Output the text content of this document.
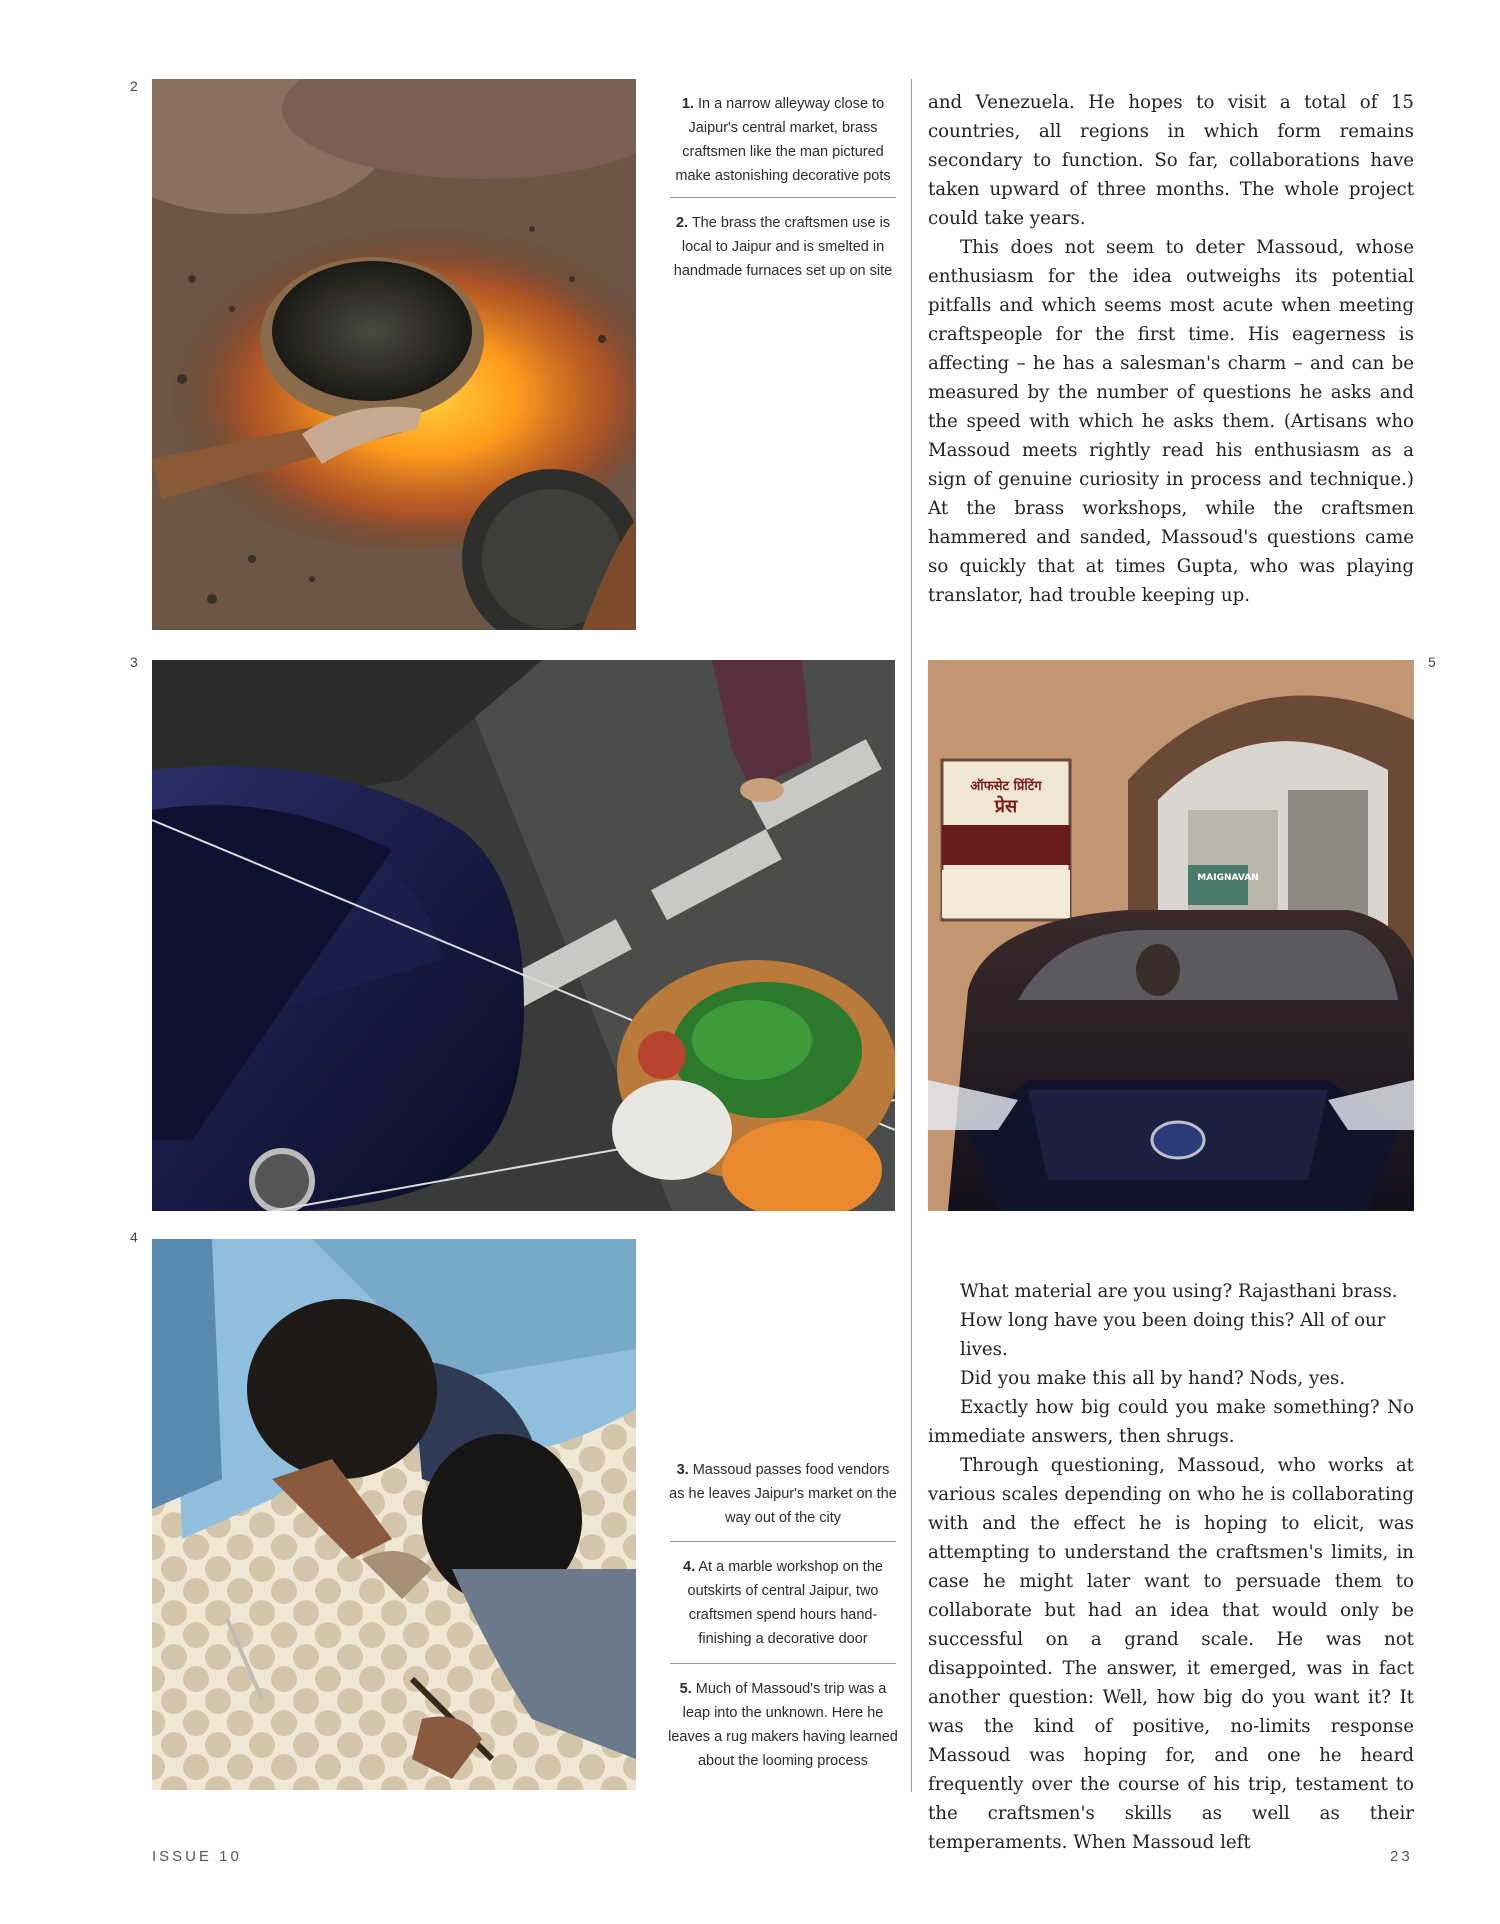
2
3
4
5
1. In a narrow alleyway close to Jaipur's central market, brass craftsmen like the man pictured make astonishing decorative pots
2. The brass the craftsmen use is local to Jaipur and is smelted in handmade furnaces set up on site

and Venezuela. He hopes to visit a total of 15 countries, all regions in which form remains secondary to function. So far, collaborations have taken upward of three months. The whole project could take years.

This does not seem to deter Massoud, whose enthusiasm for the idea outweighs its potential pitfalls and which seems most acute when meeting craftspeople for the first time. His eagerness is affecting – he has a salesman's charm – and can be measured by the number of questions he asks and the speed with which he asks them. (Artisans who Massoud meets rightly read his enthusiasm as a sign of genuine curiosity in process and technique.) At the brass workshops, while the craftsmen hammered and sanded, Massoud's questions came so quickly that at times Gupta, who was playing translator, had trouble keeping up.

ऑफसेट प्रिंटिंग
प्रेस
MAIGNAVAN
3. Massoud passes food vendors as he leaves Jaipur's market on the way out of the city
4. At a marble workshop on the outskirts of central Jaipur, two craftsmen spend hours hand-finishing a decorative door
5. Much of Massoud's trip was a leap into the unknown. Here he leaves a rug makers having learned about the looming process

What material are you using? Rajasthani brass.

How long have you been doing this? All of our lives.

Did you make this all by hand? Nods, yes.

Exactly how big could you make something? No immediate answers, then shrugs.

Through questioning, Massoud, who works at various scales depending on who he is collaborating with and the effect he is hoping to elicit, was attempting to understand the craftsmen's limits, in case he might later want to persuade them to collaborate but had an idea that would only be successful on a grand scale. He was not disappointed. The answer, it emerged, was in fact another question: Well, how big do you want it? It was the kind of positive, no-limits response Massoud was hoping for, and one he heard frequently over the course of his trip, testament to the craftsmen's skills as well as their temperaments. When Massoud left

ISSUE 10	23
